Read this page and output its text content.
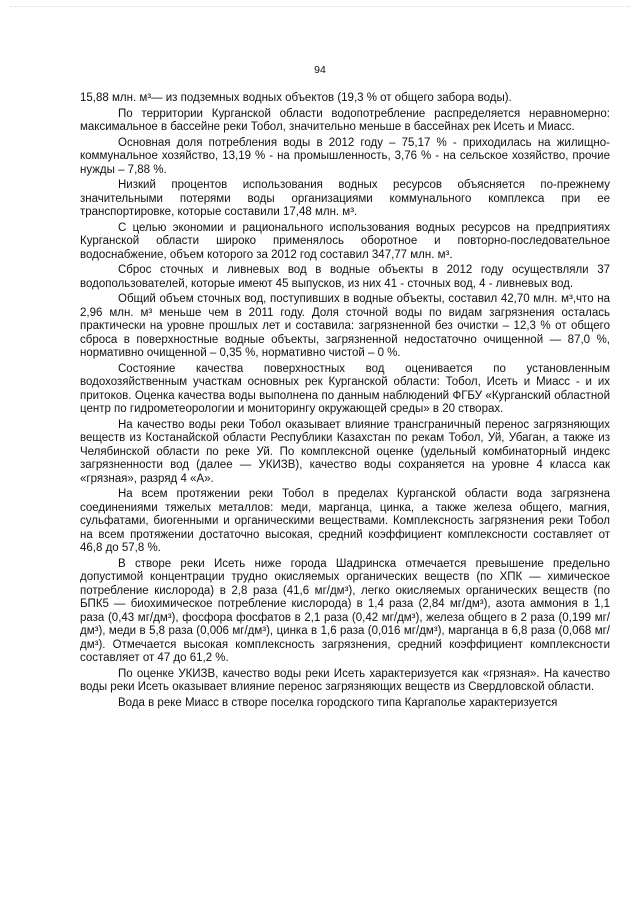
94

15,88 млн. м³— из подземных водных объектов (19,3 % от общего забора воды).

По территории Курганской области водопотребление распределяется неравномерно: максимальное в бассейне реки Тобол, значительно меньше в бассейнах рек Исеть и Миасс.

Основная доля потребления воды в 2012 году – 75,17 % - приходилась на жилищно-коммунальное хозяйство, 13,19 % - на промышленность, 3,76 % - на сельское хозяйство, прочие нужды – 7,88 %.

Низкий процентов использования водных ресурсов объясняется по-прежнему значительными потерями воды организациями коммунального комплекса при ее транспортировке, которые составили 17,48 млн. м³.

С целью экономии и рационального использования водных ресурсов на предприятиях Курганской области широко применялось оборотное и повторно-последовательное водоснабжение, объем которого за 2012 год составил 347,77 млн. м³.

Сброс сточных и ливневых вод в водные объекты в 2012 году осуществляли 37 водопользователей, которые имеют 45 выпусков, из них 41 - сточных вод, 4 - ливневых вод.

Общий объем сточных вод, поступивших в водные объекты, составил 42,70 млн. м³,что на 2,96 млн. м³ меньше чем в 2011 году. Доля сточной воды по видам загрязнения осталась практически на уровне прошлых лет и составила: загрязненной без очистки – 12,3 % от общего сброса в поверхностные водные объекты, загрязненной недостаточно очищенной — 87,0 %, нормативно очищенной – 0,35 %, нормативно чистой – 0 %.

Состояние качества поверхностных вод оценивается по установленным водохозяйственным участкам основных рек Курганской области: Тобол, Исеть и Миасс - и их притоков. Оценка качества воды выполнена по данным наблюдений ФГБУ «Курганский областной центр по гидрометеорологии и мониторингу окружающей среды» в 20 створах.

На качество воды реки Тобол оказывает влияние трансграничный перенос загрязняющих веществ из Костанайской области Республики Казахстан по рекам Тобол, Уй, Убаган, а также из Челябинской области по реке Уй. По комплексной оценке (удельный комбинаторный индекс загрязненности вод (далее — УКИЗВ), качество воды сохраняется на уровне 4 класса как «грязная», разряд 4 «А».

На всем протяжении реки Тобол в пределах Курганской области вода загрязнена соединениями тяжелых металлов: меди, марганца, цинка, а также железа общего, магния, сульфатами, биогенными и органическими веществами. Комплексность загрязнения реки Тобол на всем протяжении достаточно высокая, средний коэффициент комплексности составляет от 46,8 до 57,8 %.

В створе реки Исеть ниже города Шадринска отмечается превышение предельно допустимой концентрации трудно окисляемых органических веществ (по ХПК — химическое потребление кислорода) в 2,8 раза (41,6 мг/дм³), легко окисляемых органических веществ (по БПК5 — биохимическое потребление кислорода) в 1,4 раза (2,84 мг/дм³), азота аммония в 1,1 раза (0,43 мг/дм³), фосфора фосфатов в 2,1 раза (0,42 мг/дм³), железа общего в 2 раза (0,199 мг/дм³), меди в 5,8 раза (0,006 мг/дм³), цинка в 1,6 раза (0,016 мг/дм³), марганца в 6,8 раза (0,068 мг/дм³). Отмечается высокая комплексность загрязнения, средний коэффициент комплексности составляет от 47 до 61,2 %.

По оценке УКИЗВ, качество воды реки Исеть характеризуется как «грязная». На качество воды реки Исеть оказывает влияние перенос загрязняющих веществ из Свердловской области.

Вода в реке Миасс в створе поселка городского типа Каргаполье характеризуется
